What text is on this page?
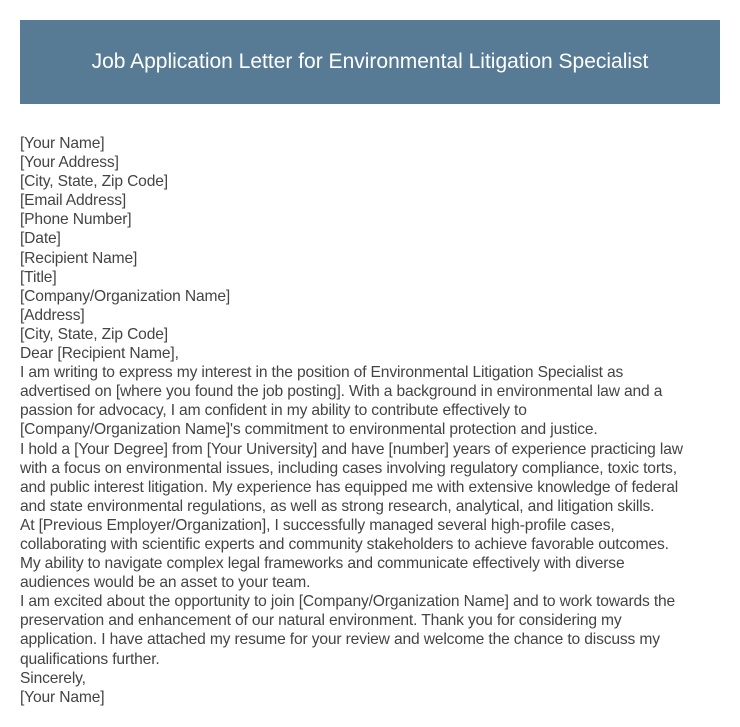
Job Application Letter for Environmental Litigation Specialist
[Your Name]
[Your Address]
[City, State, Zip Code]
[Email Address]
[Phone Number]
[Date]
[Recipient Name]
[Title]
[Company/Organization Name]
[Address]
[City, State, Zip Code]
Dear [Recipient Name],
I am writing to express my interest in the position of Environmental Litigation Specialist as
advertised on [where you found the job posting]. With a background in environmental law and a
passion for advocacy, I am confident in my ability to contribute effectively to
[Company/Organization Name]'s commitment to environmental protection and justice.
I hold a [Your Degree] from [Your University] and have [number] years of experience practicing law
with a focus on environmental issues, including cases involving regulatory compliance, toxic torts,
and public interest litigation. My experience has equipped me with extensive knowledge of federal
and state environmental regulations, as well as strong research, analytical, and litigation skills.
At [Previous Employer/Organization], I successfully managed several high-profile cases,
collaborating with scientific experts and community stakeholders to achieve favorable outcomes.
My ability to navigate complex legal frameworks and communicate effectively with diverse
audiences would be an asset to your team.
I am excited about the opportunity to join [Company/Organization Name] and to work towards the
preservation and enhancement of our natural environment. Thank you for considering my
application. I have attached my resume for your review and welcome the chance to discuss my
qualifications further.
Sincerely,
[Your Name]
